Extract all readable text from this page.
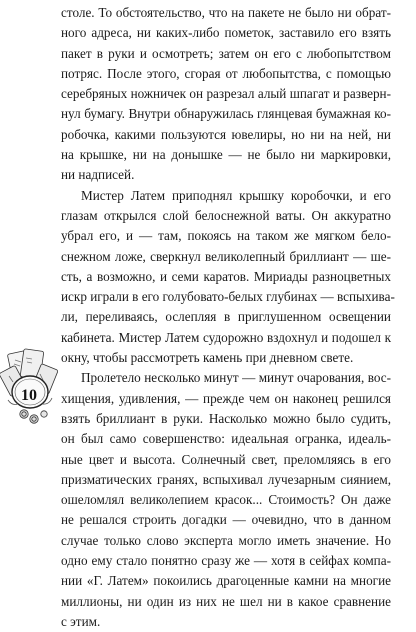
столе. То обстоятельство, что на пакете не было ни обрат-
ного адреса, ни каких-либо пометок, заставило его взять
пакет в руки и осмотреть; затем он его с любопытством
потряс. После этого, сгорая от любопытства, с помощью
серебряных ножничек он разрезал алый шпагат и разверн-
нул бумагу. Внутри обнаружилась глянцевая бумажная ко-
робочка, какими пользуются ювелиры, но ни на ней, ни
на крышке, ни на донышке — не было ни маркировки,
ни надписей.
Мистер Латем приподнял крышку коробочки, и его
глазам открылся слой белоснежной ваты. Он аккуратно
убрал его, и — там, покоясь на таком же мягком бело-
снежном ложе, сверкнул великолепный бриллиант — ше-
сть, а возможно, и семи каратов. Мириады разноцветных
искр играли в его голубовато-белых глубинах — вспыхива-
ли, переливаясь, ослепляя в приглушенном освещении
кабинета. Мистер Латем судорожно вздохнул и подошел к
окну, чтобы рассмотреть камень при дневном свете.
Пролетело несколько минут — минут очарования, вос-
хищения, удивления, — прежде чем он наконец решился
взять бриллиант в руки. Насколько можно было судить,
он был само совершенство: идеальная огранка, идеаль-
ные цвет и высота. Солнечный свет, преломляясь в его
призматических гранях, вспыхивал лучезарным сиянием,
ошеломлял великолепием красок... Стоимость? Он даже
не решался строить догадки — очевидно, что в данном
случае только слово эксперта могло иметь значение. Но
одно ему стало понятно сразу же — хотя в сейфах компа-
нии «Г. Латем» покоились драгоценные камни на многие
миллионы, ни один из них не шел ни в какое сравнение
с этим.
10
